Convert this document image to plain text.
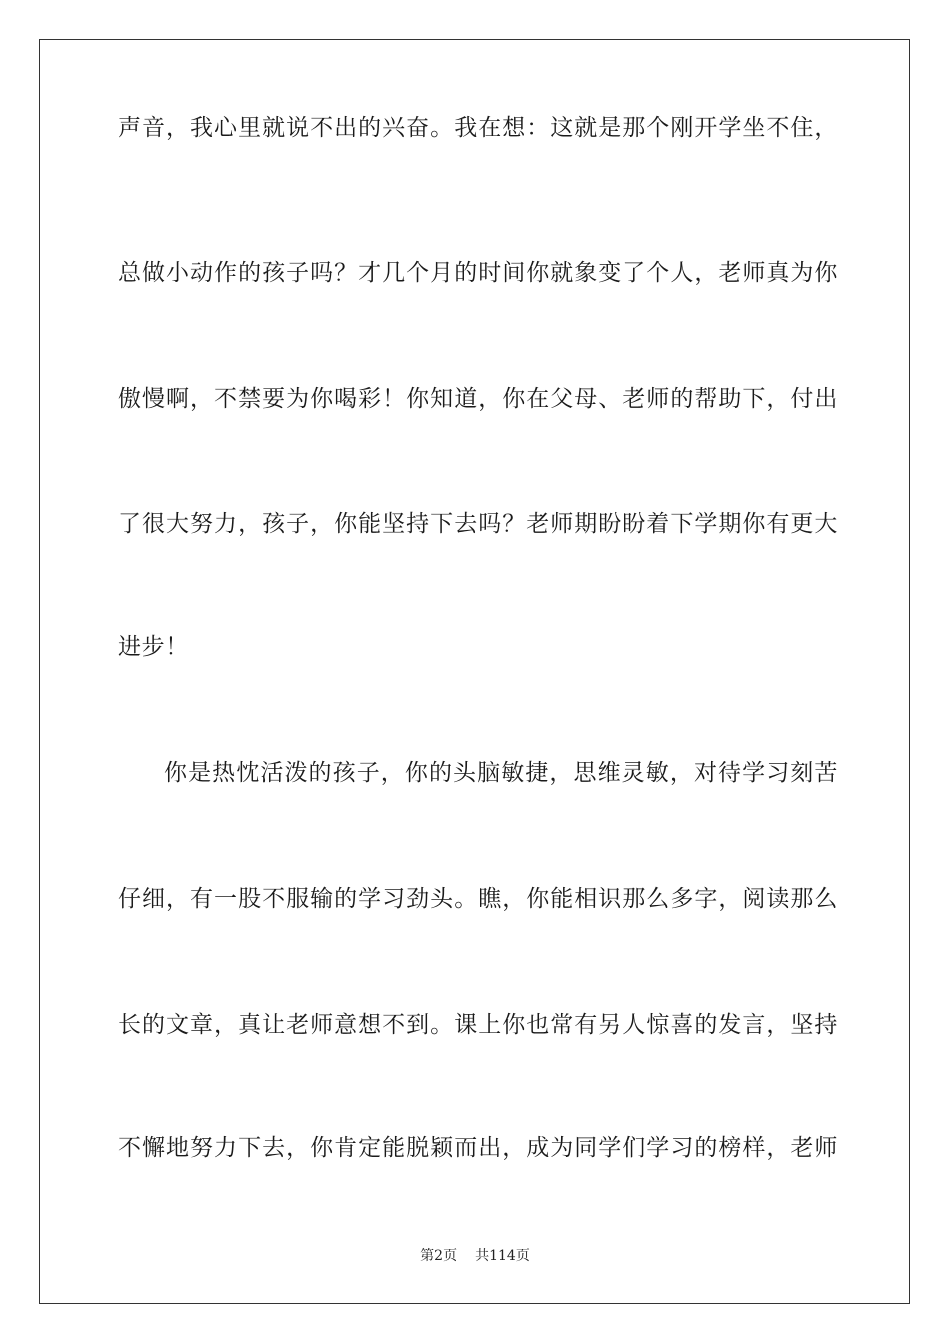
声音，我心里就说不出的兴奋。我在想：这就是那个刚开学坐不住，
总做小动作的孩子吗？才几个月的时间你就象变了个人，老师真为你
傲慢啊，不禁要为你喝彩！你知道，你在父母、老师的帮助下，付出
了很大努力，孩子，你能坚持下去吗？老师期盼盼着下学期你有更大
进步！
你是热忱活泼的孩子，你的头脑敏捷，思维灵敏，对待学习刻苦
仔细，有一股不服输的学习劲头。瞧，你能相识那么多字，阅读那么
长的文章，真让老师意想不到。课上你也常有另人惊喜的发言，坚持
不懈地努力下去，你肯定能脱颖而出，成为同学们学习的榜样，老师
第2页 共114页
